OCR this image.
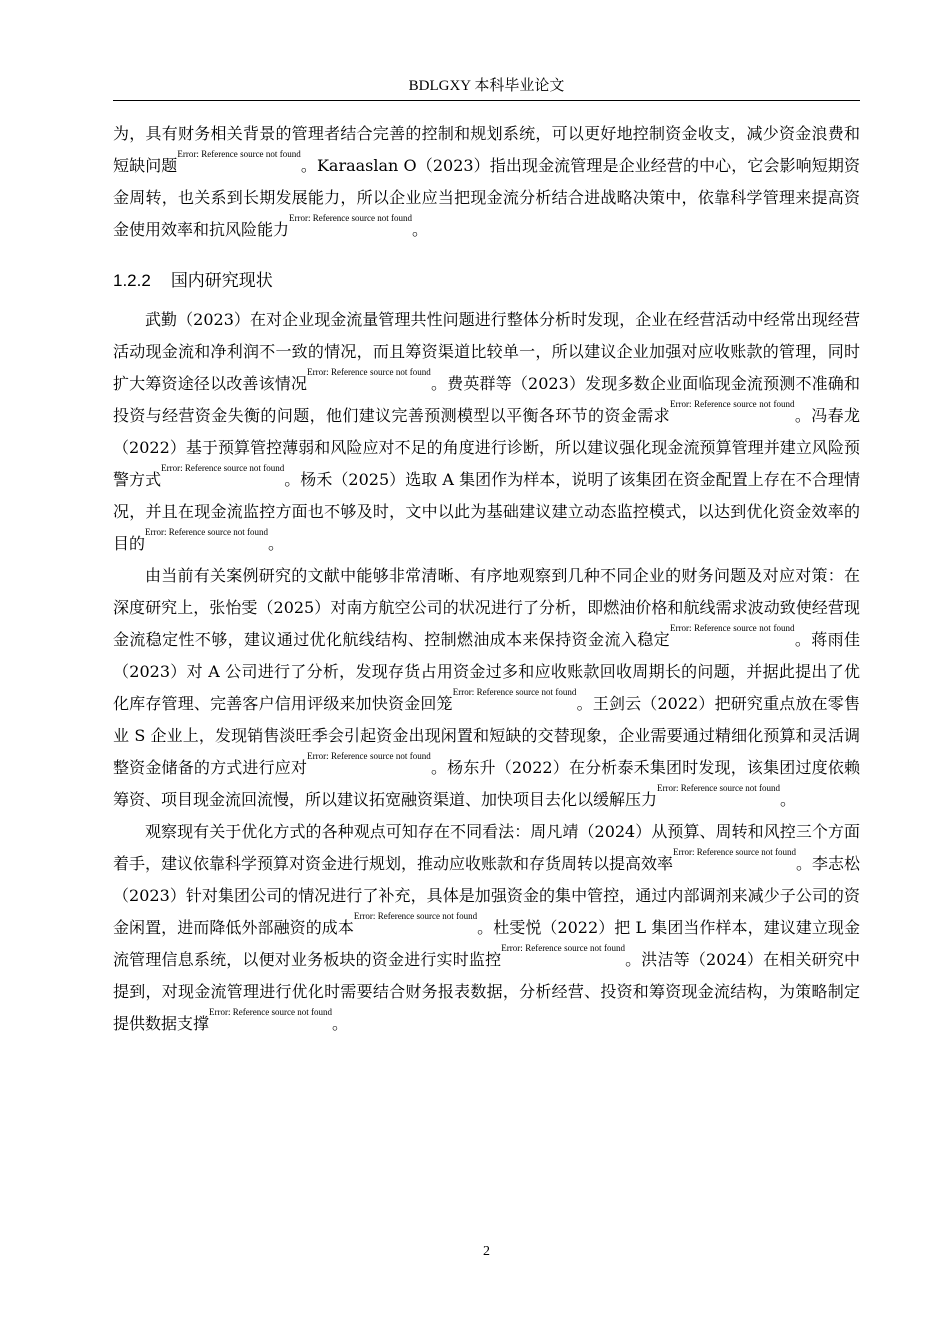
BDLGXY 本科毕业论文

为，具有财务相关背景的管理者结合完善的控制和规划系统，可以更好地控制资金收支，减少资金浪费和短缺问题$^{Error: Reference source not found}$。Karaaslan O（2023）指出现金流管理是企业经营的中心，它会影响短期资金周转，也关系到长期发展能力，所以企业应当把现金流分析结合进战略决策中，依靠科学管理来提高资金使用效率和抗风险能力$^{Error: Reference source not found}$。

1.2.2 国内研究现状

武勤（2023）在对企业现金流量管理共性问题进行整体分析时发现，企业在经营活动中经常出现经营活动现金流和净利润不一致的情况，而且筹资渠道比较单一，所以建议企业加强对应收账款的管理，同时扩大筹资途径以改善该情况$^{Error: Reference source not found}$。费英群等（2023）发现多数企业面临现金流预测不准确和投资与经营资金失衡的问题，他们建议完善预测模型以平衡各环节的资金需求$^{Error: Reference source not found}$。冯春龙（2022）基于预算管控薄弱和风险应对不足的角度进行诊断，所以建议强化现金流预算管理并建立风险预警方式$^{Error: Reference source not found}$。杨禾（2025）选取 A 集团作为样本，说明了该集团在资金配置上存在不合理情况，并且在现金流监控方面也不够及时，文中以此为基础建议建立动态监控模式，以达到优化资金效率的目的$^{Error: Reference source not found}$。

由当前有关案例研究的文献中能够非常清晰、有序地观察到几种不同企业的财务问题及对应对策：在深度研究上，张怡雯（2025）对南方航空公司的状况进行了分析，即燃油价格和航线需求波动致使经营现金流稳定性不够，建议通过优化航线结构、控制燃油成本来保持资金流入稳定$^{Error: Reference source not found}$。蒋雨佳（2023）对 A 公司进行了分析，发现存货占用资金过多和应收账款回收周期长的问题，并据此提出了优化库存管理、完善客户信用评级来加快资金回笼$^{Error: Reference source not found}$。王剑云（2022）把研究重点放在零售业 S 企业上，发现销售淡旺季会引起资金出现闲置和短缺的交替现象，企业需要通过精细化预算和灵活调整资金储备的方式进行应对$^{Error: Reference source not found}$。杨东升（2022）在分析泰禾集团时发现，该集团过度依赖筹资、项目现金流回流慢，所以建议拓宽融资渠道、加快项目去化以缓解压力$^{Error: Reference source not found}$。

观察现有关于优化方式的各种观点可知存在不同看法：周凡靖（2024）从预算、周转和风控三个方面着手，建议依靠科学预算对资金进行规划，推动应收账款和存货周转以提高效率$^{Error: Reference source not found}$。李志松（2023）针对集团公司的情况进行了补充，具体是加强资金的集中管控，通过内部调剂来减少子公司的资金闲置，进而降低外部融资的成本$^{Error: Reference source not found}$。杜雯悦（2022）把 L 集团当作样本，建议建立现金流管理信息系统，以便对业务板块的资金进行实时监控$^{Error: Reference source not found}$。洪洁等（2024）在相关研究中提到，对现金流管理进行优化时需要结合财务报表数据，分析经营、投资和筹资现金流结构，为策略制定提供数据支撑$^{Error: Reference source not found}$。

2
